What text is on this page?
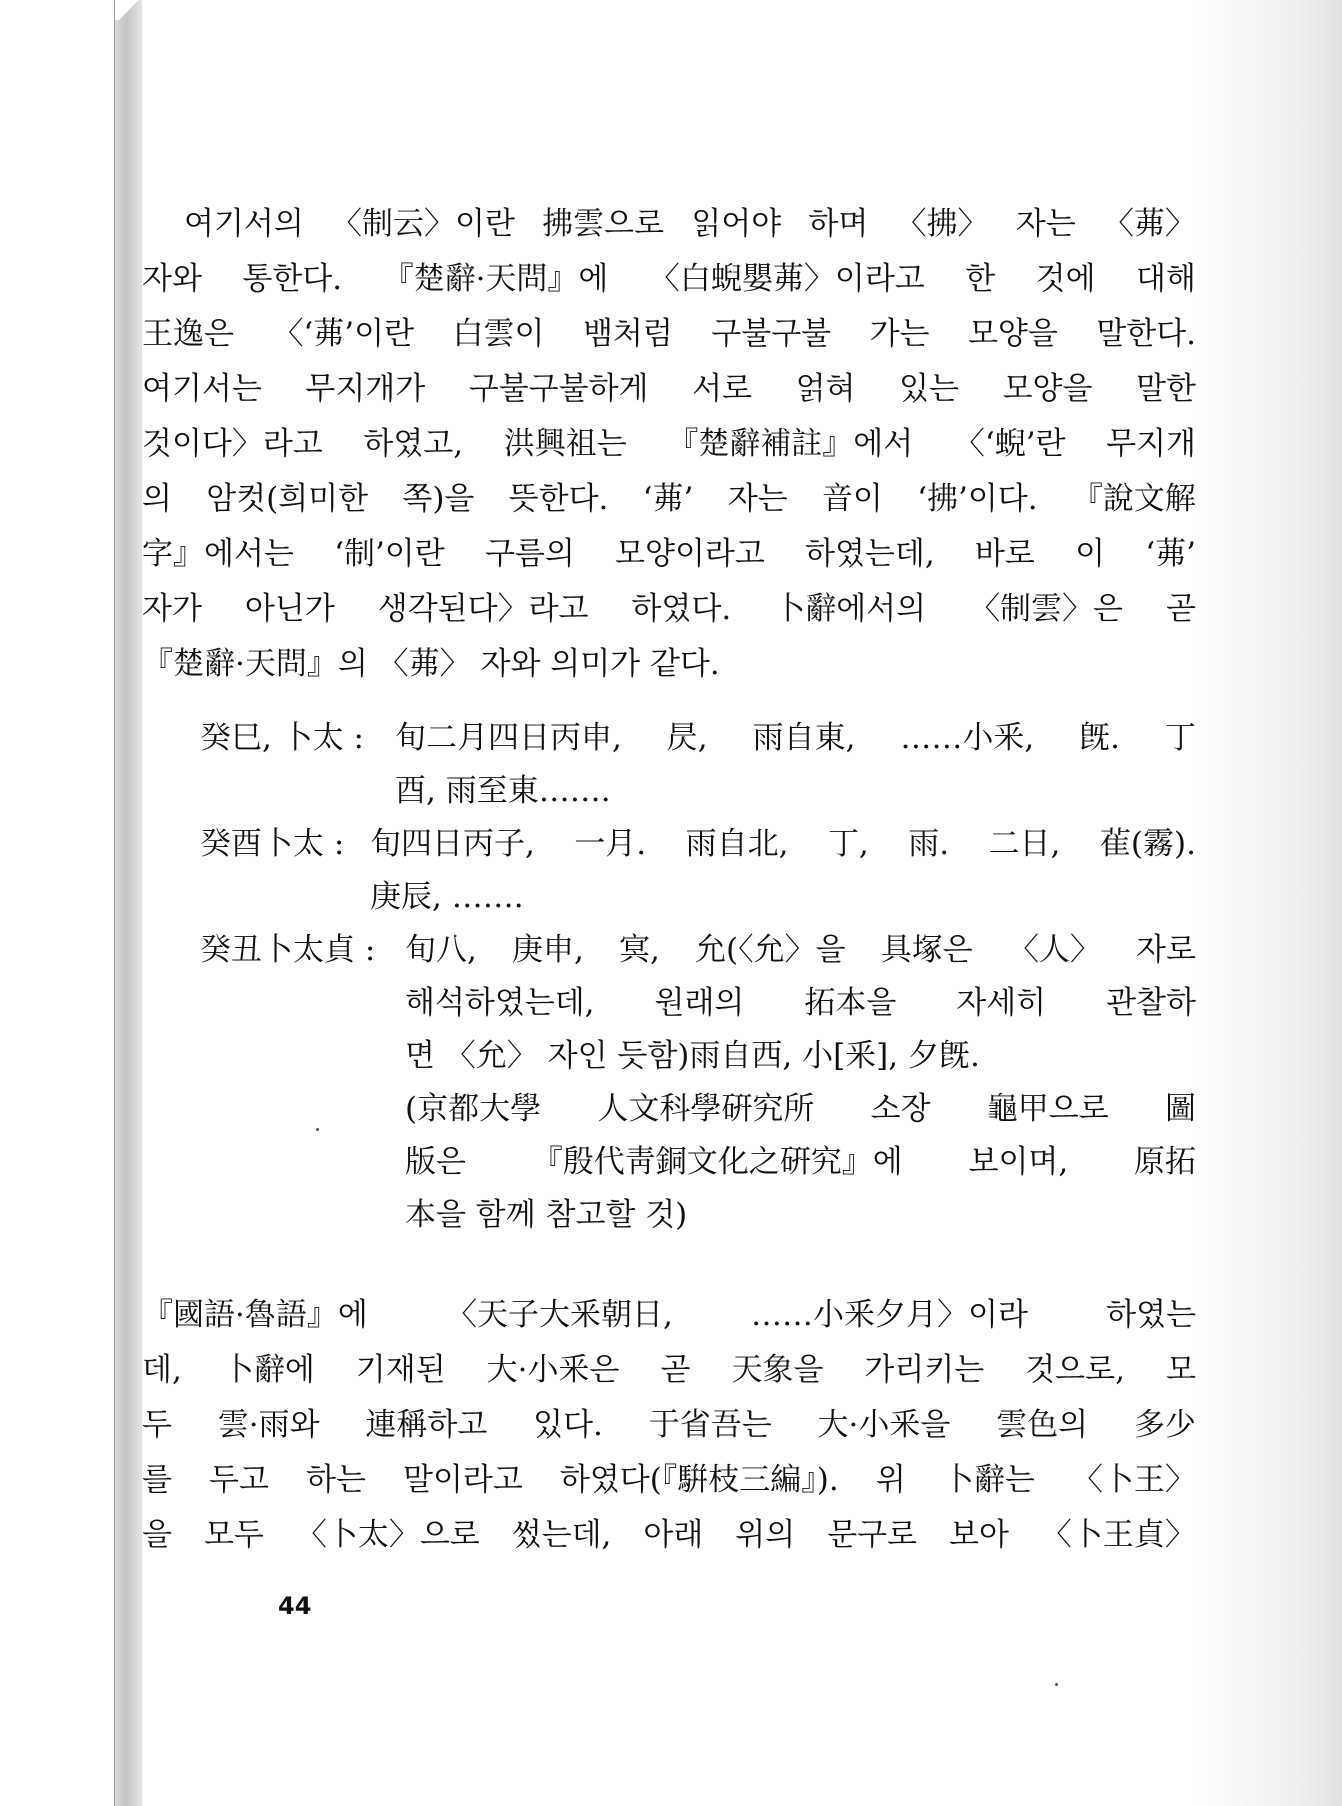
여기서의 〈制云〉이란 拂雲으로 읽어야 하며 〈拂〉 자는 〈茀〉
자와 통한다. 『楚辭·天問』에 〈白蜺嬰茀〉이라고 한 것에 대해
王逸은 〈‘茀’이란 白雲이 뱀처럼 구불구불 가는 모양을 말한다.
여기서는 무지개가 구불구불하게 서로 얽혀 있는 모양을 말한
것이다〉라고 하였고, 洪興祖는 『楚辭補註』에서 〈‘蜺’란 무지개
의 암컷(희미한 쪽)을 뜻한다. ‘茀’ 자는 音이 ‘拂’이다. 『說文解
字』에서는 ‘制’이란 구름의 모양이라고 하였는데, 바로 이 ‘茀’
자가 아닌가 생각된다〉라고 하였다. 卜辭에서의 〈制雲〉은 곧
『楚辭·天問』의 〈茀〉 자와 의미가 같다.
癸巳, 卜太 : 旬二月四日丙申, 昃, 雨自東, ……小釆, 旣. 丁
酉, 雨至東…….
癸酉卜太 : 旬四日丙子, 一月. 雨自北, 丁, 雨. 二日, 雈(霧).
庚辰, …….
癸丑卜太貞 : 旬八, 庚申, 㝠, 允(〈允〉을 具塚은 〈人〉 자로
해석하였는데, 원래의 拓本을 자세히 관찰하
면 〈允〉 자인 듯함)雨自西, 小[釆], 夕旣.
(京都大學 人文科學硏究所 소장 龜甲으로 圖
版은 『殷代靑銅文化之硏究』에 보이며, 原拓
本을 함께 참고할 것)
『國語·魯語』에	〈天子大釆朝日,	……小釆夕月〉이라	하였는
데, 卜辭에 기재된 大·小釆은 곧 天象을 가리키는 것으로, 모
두 雲·雨와 連稱하고 있다. 于省吾는 大·小釆을 雲色의 多少
를 두고 하는 말이라고 하였다(『騈枝三編』). 위 卜辭는 〈卜王〉
을 모두 〈卜太〉으로 썼는데, 아래 위의 문구로 보아 〈卜王貞〉
44
